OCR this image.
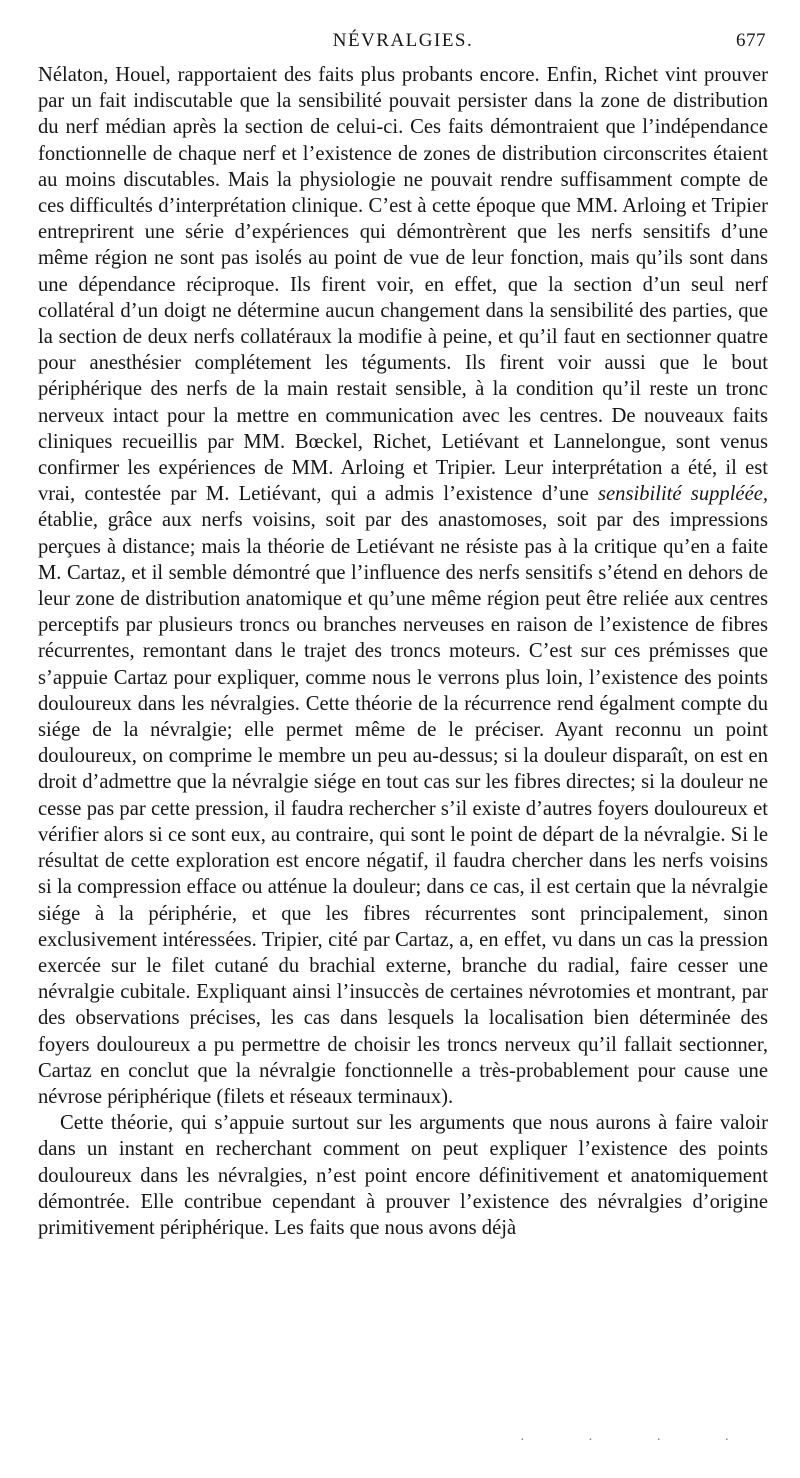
NÉVRALGIES.	677

Nélaton, Houel, rapportaient des faits plus probants encore. Enfin, Richet vint prouver par un fait indiscutable que la sensibilité pouvait persister dans la zone de distribution du nerf médian après la section de celui-ci. Ces faits démontraient que l’indépendance fonctionnelle de chaque nerf et l’existence de zones de distribution circonscrites étaient au moins discutables. Mais la physiologie ne pouvait rendre suffisamment compte de ces difficultés d’interprétation clinique. C’est à cette époque que MM. Arloing et Tripier entreprirent une série d’expériences qui démontrèrent que les nerfs sensitifs d’une même région ne sont pas isolés au point de vue de leur fonction, mais qu’ils sont dans une dépendance réciproque. Ils firent voir, en effet, que la section d’un seul nerf collatéral d’un doigt ne détermine aucun changement dans la sensibilité des parties, que la section de deux nerfs collatéraux la modifie à peine, et qu’il faut en sectionner quatre pour anesthésier complétement les téguments. Ils firent voir aussi que le bout périphérique des nerfs de la main restait sensible, à la condition qu’il reste un tronc nerveux intact pour la mettre en communication avec les centres. De nouveaux faits cliniques recueillis par MM. Bœckel, Richet, Letiévant et Lannelongue, sont venus confirmer les expériences de MM. Arloing et Tripier. Leur interprétation a été, il est vrai, contestée par M. Letiévant, qui a admis l’existence d’une sensibilité suppléée, établie, grâce aux nerfs voisins, soit par des anastomoses, soit par des impressions perçues à distance; mais la théorie de Letiévant ne résiste pas à la critique qu’en a faite M. Cartaz, et il semble démontré que l’influence des nerfs sensitifs s’étend en dehors de leur zone de distribution anatomique et qu’une même région peut être reliée aux centres perceptifs par plusieurs troncs ou branches nerveuses en raison de l’existence de fibres récurrentes, remontant dans le trajet des troncs moteurs. C’est sur ces prémisses que s’appuie Cartaz pour expliquer, comme nous le verrons plus loin, l’existence des points douloureux dans les névralgies. Cette théorie de la récurrence rend égalment compte du siége de la névralgie; elle permet même de le préciser. Ayant reconnu un point douloureux, on comprime le membre un peu au-dessus; si la douleur disparaît, on est en droit d’admettre que la névralgie siége en tout cas sur les fibres directes; si la douleur ne cesse pas par cette pression, il faudra rechercher s’il existe d’autres foyers douloureux et vérifier alors si ce sont eux, au contraire, qui sont le point de départ de la névralgie. Si le résultat de cette exploration est encore négatif, il faudra chercher dans les nerfs voisins si la compression efface ou atténue la douleur; dans ce cas, il est certain que la névralgie siége à la périphérie, et que les fibres récurrentes sont principalement, sinon exclusivement intéressées. Tripier, cité par Cartaz, a, en effet, vu dans un cas la pression exercée sur le filet cutané du brachial externe, branche du radial, faire cesser une névralgie cubitale. Expliquant ainsi l’insuccès de certaines névrotomies et montrant, par des observations précises, les cas dans lesquels la localisation bien déterminée des foyers douloureux a pu permettre de choisir les troncs nerveux qu’il fallait sectionner, Cartaz en conclut que la névralgie fonctionnelle a très-probablement pour cause une névrose périphérique (filets et réseaux terminaux).

Cette théorie, qui s’appuie surtout sur les arguments que nous aurons à faire valoir dans un instant en recherchant comment on peut expliquer l’existence des points douloureux dans les névralgies, n’est point encore définitivement et anatomiquement démontrée. Elle contribue cependant à prouver l’existence des névralgies d’origine primitivement périphérique. Les faits que nous avons déjà

· · · ·
